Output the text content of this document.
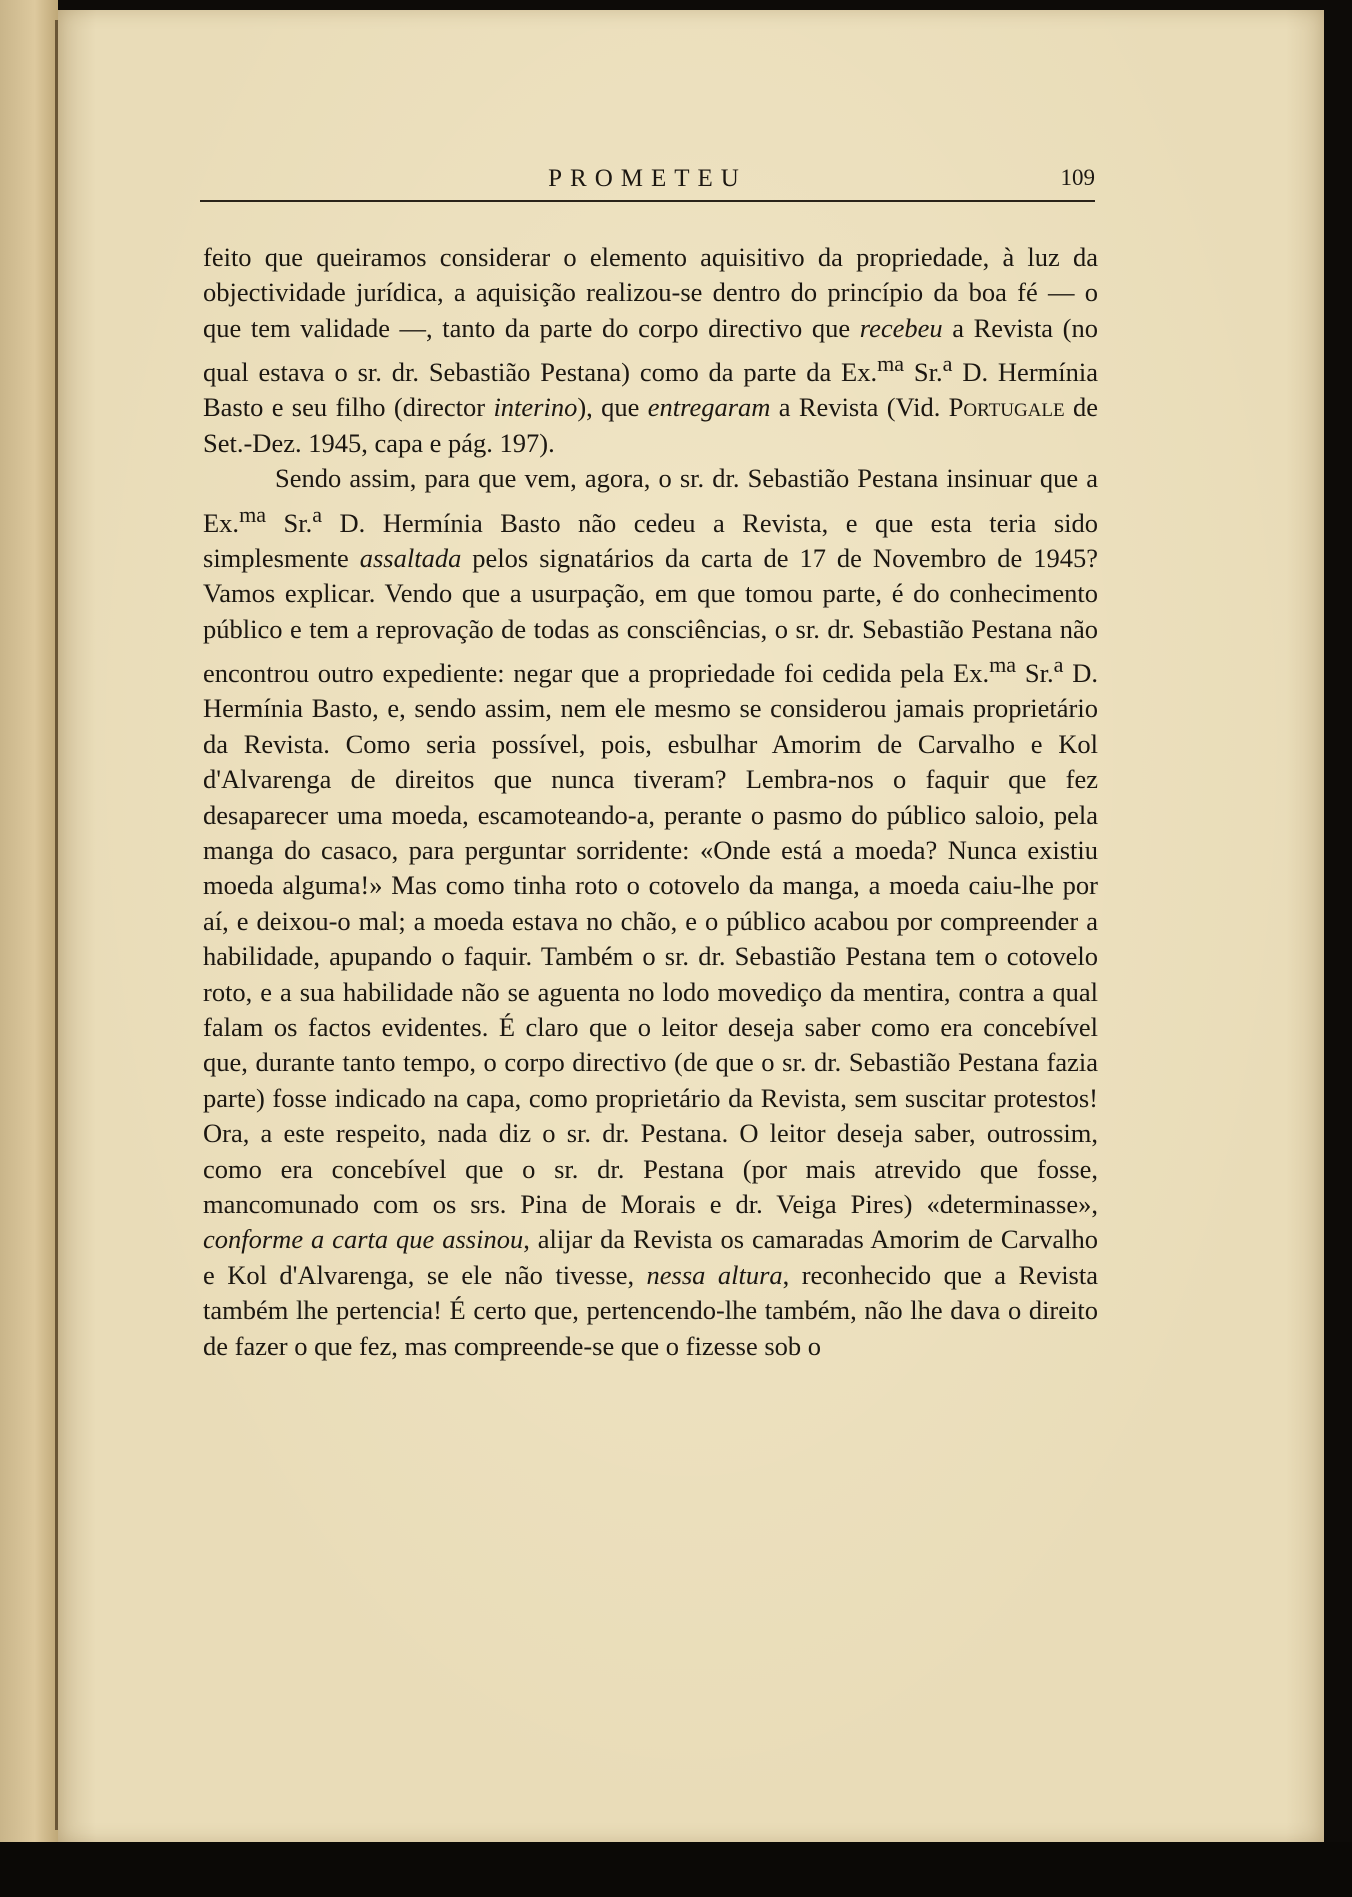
PROMETEU	109

feito que queiramos considerar o elemento aquisitivo da propriedade, à luz da objectividade jurídica, a aquisição realizou-se dentro do princípio da boa fé — o que tem validade —, tanto da parte do corpo directivo que recebeu a Revista (no qual estava o sr. dr. Sebastião Pestana) como da parte da Ex.$^{ma}$ Sr.$^a$ D. Hermínia Basto e seu filho (director interino), que entregaram a Revista (Vid. Portugale de Set.-Dez. 1945, capa e pág. 197).

Sendo assim, para que vem, agora, o sr. dr. Sebastião Pestana insinuar que a Ex.$^{ma}$ Sr.$^a$ D. Hermínia Basto não cedeu a Revista, e que esta teria sido simplesmente assaltada pelos signatários da carta de 17 de Novembro de 1945? Vamos explicar. Vendo que a usurpação, em que tomou parte, é do conhecimento público e tem a reprovação de todas as consciências, o sr. dr. Sebastião Pestana não encontrou outro expediente: negar que a propriedade foi cedida pela Ex.$^{ma}$ Sr.$^a$ D. Hermínia Basto, e, sendo assim, nem ele mesmo se considerou jamais proprietário da Revista. Como seria possível, pois, esbulhar Amorim de Carvalho e Kol d'Alvarenga de direitos que nunca tiveram? Lembra-nos o faquir que fez desaparecer uma moeda, escamoteando-a, perante o pasmo do público saloio, pela manga do casaco, para perguntar sorridente: «Onde está a moeda? Nunca existiu moeda alguma!» Mas como tinha roto o cotovelo da manga, a moeda caiu-lhe por aí, e deixou-o mal; a moeda estava no chão, e o público acabou por compreender a habilidade, apupando o faquir. Também o sr. dr. Sebastião Pestana tem o cotovelo roto, e a sua habilidade não se aguenta no lodo movediço da mentira, contra a qual falam os factos evidentes. É claro que o leitor deseja saber como era concebível que, durante tanto tempo, o corpo directivo (de que o sr. dr. Sebastião Pestana fazia parte) fosse indicado na capa, como proprietário da Revista, sem suscitar protestos! Ora, a este respeito, nada diz o sr. dr. Pestana. O leitor deseja saber, outrossim, como era concebível que o sr. dr. Pestana (por mais atrevido que fosse, mancomunado com os srs. Pina de Morais e dr. Veiga Pires) «determinasse», conforme a carta que assinou, alijar da Revista os camaradas Amorim de Carvalho e Kol d'Alvarenga, se ele não tivesse, nessa altura, reconhecido que a Revista também lhe pertencia! É certo que, pertencendo-lhe também, não lhe dava o direito de fazer o que fez, mas compreende-se que o fizesse sob o
